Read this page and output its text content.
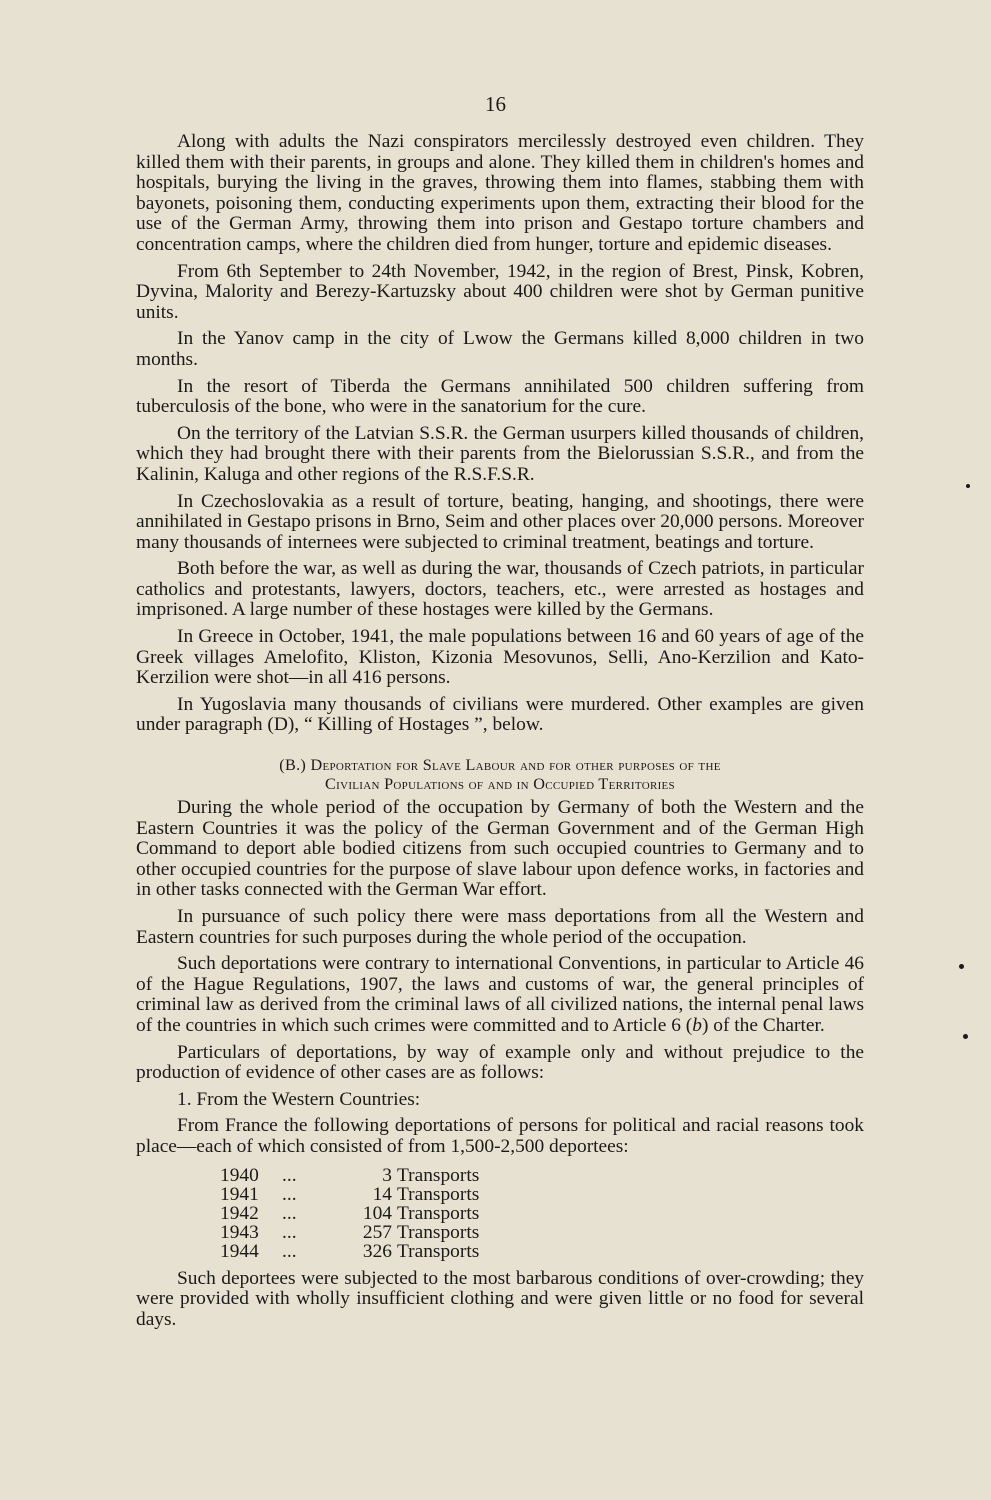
16

Along with adults the Nazi conspirators mercilessly destroyed even children. They killed them with their parents, in groups and alone. They killed them in children's homes and hospitals, burying the living in the graves, throwing them into flames, stabbing them with bayonets, poisoning them, conducting experiments upon them, extracting their blood for the use of the German Army, throwing them into prison and Gestapo torture chambers and concentration camps, where the children died from hunger, torture and epidemic diseases.

From 6th September to 24th November, 1942, in the region of Brest, Pinsk, Kobren, Dyvina, Malority and Berezy-Kartuzsky about 400 children were shot by German punitive units.

In the Yanov camp in the city of Lwow the Germans killed 8,000 children in two months.

In the resort of Tiberda the Germans annihilated 500 children suffering from tuberculosis of the bone, who were in the sanatorium for the cure.

On the territory of the Latvian S.S.R. the German usurpers killed thousands of children, which they had brought there with their parents from the Bielorussian S.S.R., and from the Kalinin, Kaluga and other regions of the R.S.F.S.R.

In Czechoslovakia as a result of torture, beating, hanging, and shootings, there were annihilated in Gestapo prisons in Brno, Seim and other places over 20,000 persons. Moreover many thousands of internees were subjected to criminal treatment, beatings and torture.

Both before the war, as well as during the war, thousands of Czech patriots, in particular catholics and protestants, lawyers, doctors, teachers, etc., were arrested as hostages and imprisoned. A large number of these hostages were killed by the Germans.

In Greece in October, 1941, the male populations between 16 and 60 years of age of the Greek villages Amelofito, Kliston, Kizonia Mesovunos, Selli, Ano-Kerzilion and Kato-Kerzilion were shot—in all 416 persons.

In Yugoslavia many thousands of civilians were murdered. Other examples are given under paragraph (D), “ Killing of Hostages ”, below.

(B.) Deportation for Slave Labour and for other purposes of the
Civilian Populations of and in Occupied Territories

During the whole period of the occupation by Germany of both the Western and the Eastern Countries it was the policy of the German Government and of the German High Command to deport able bodied citizens from such occupied countries to Germany and to other occupied countries for the purpose of slave labour upon defence works, in factories and in other tasks connected with the German War effort.

In pursuance of such policy there were mass deportations from all the Western and Eastern countries for such purposes during the whole period of the occupation.

Such deportations were contrary to international Conventions, in particular to Article 46 of the Hague Regulations, 1907, the laws and customs of war, the general principles of criminal law as derived from the criminal laws of all civilized nations, the internal penal laws of the countries in which such crimes were committed and to Article 6 (b) of the Charter.

Particulars of deportations, by way of example only and without prejudice to the production of evidence of other cases are as follows:

1. From the Western Countries:

From France the following deportations of persons for political and racial reasons took place—each of which consisted of from 1,500-2,500 deportees:

1940	...	3	Transports
1941	...	14	Transports
1942	...	104	Transports
1943	...	257	Transports
1944	...	326	Transports

Such deportees were subjected to the most barbarous conditions of over-crowding; they were provided with wholly insufficient clothing and were given little or no food for several days.
